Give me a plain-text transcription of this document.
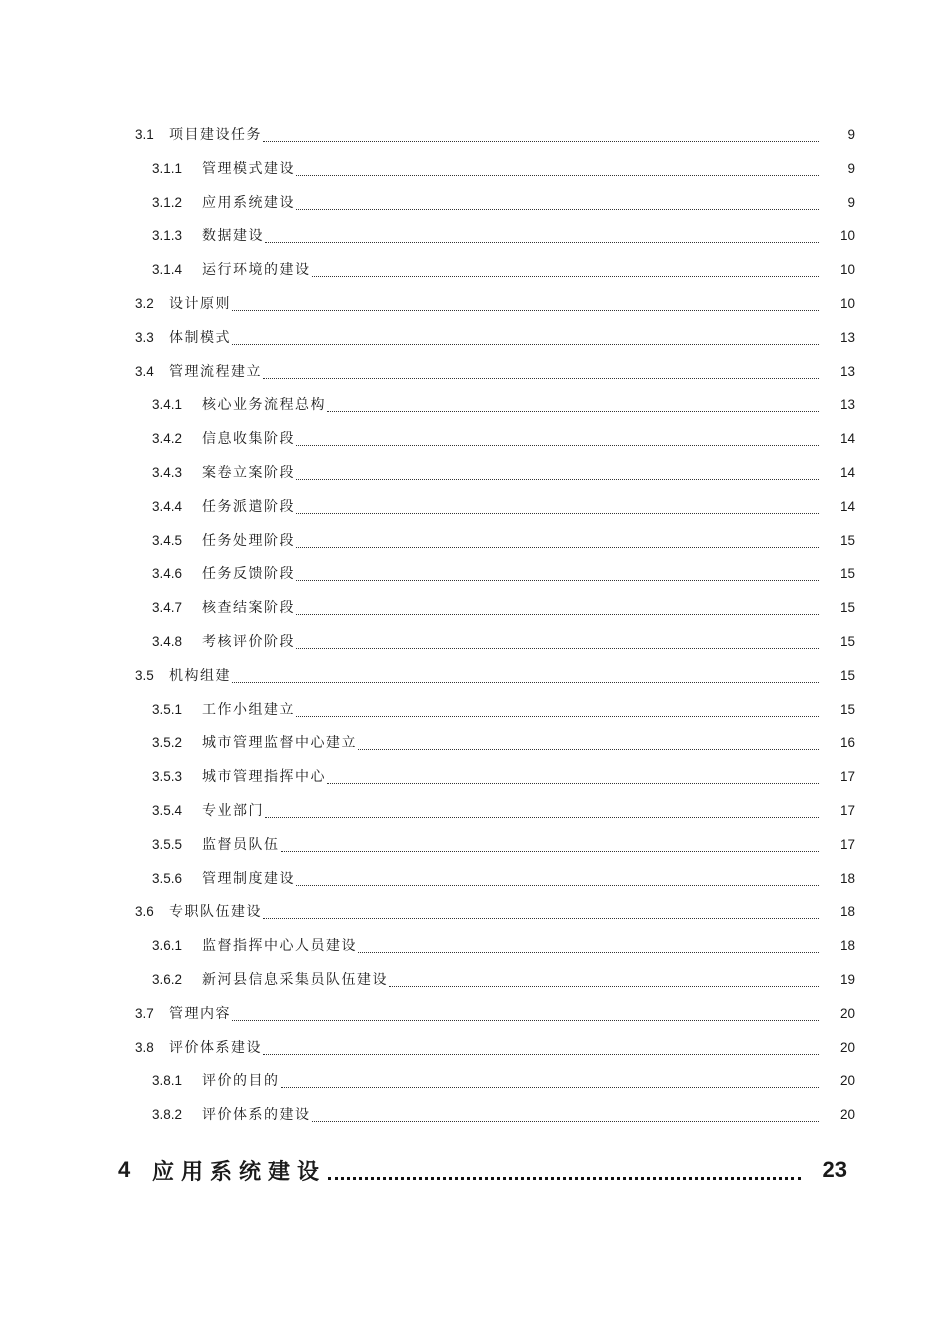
3.1	项目建设任务	9
3.1.1	管理模式建设	9
3.1.2	应用系统建设	9
3.1.3	数据建设	10
3.1.4	运行环境的建设	10
3.2	设计原则	10
3.3	体制模式	13
3.4	管理流程建立	13
3.4.1	核心业务流程总构	13
3.4.2	信息收集阶段	14
3.4.3	案卷立案阶段	14
3.4.4	任务派遣阶段	14
3.4.5	任务处理阶段	15
3.4.6	任务反馈阶段	15
3.4.7	核查结案阶段	15
3.4.8	考核评价阶段	15
3.5	机构组建	15
3.5.1	工作小组建立	15
3.5.2	城市管理监督中心建立	16
3.5.3	城市管理指挥中心	17
3.5.4	专业部门	17
3.5.5	监督员队伍	17
3.5.6	管理制度建设	18
3.6	专职队伍建设	18
3.6.1	监督指挥中心人员建设	18
3.6.2	新河县信息采集员队伍建设	19
3.7	管理内容	20
3.8	评价体系建设	20
3.8.1	评价的目的	20
3.8.2	评价体系的建设	20
4 应用系统建设	23
